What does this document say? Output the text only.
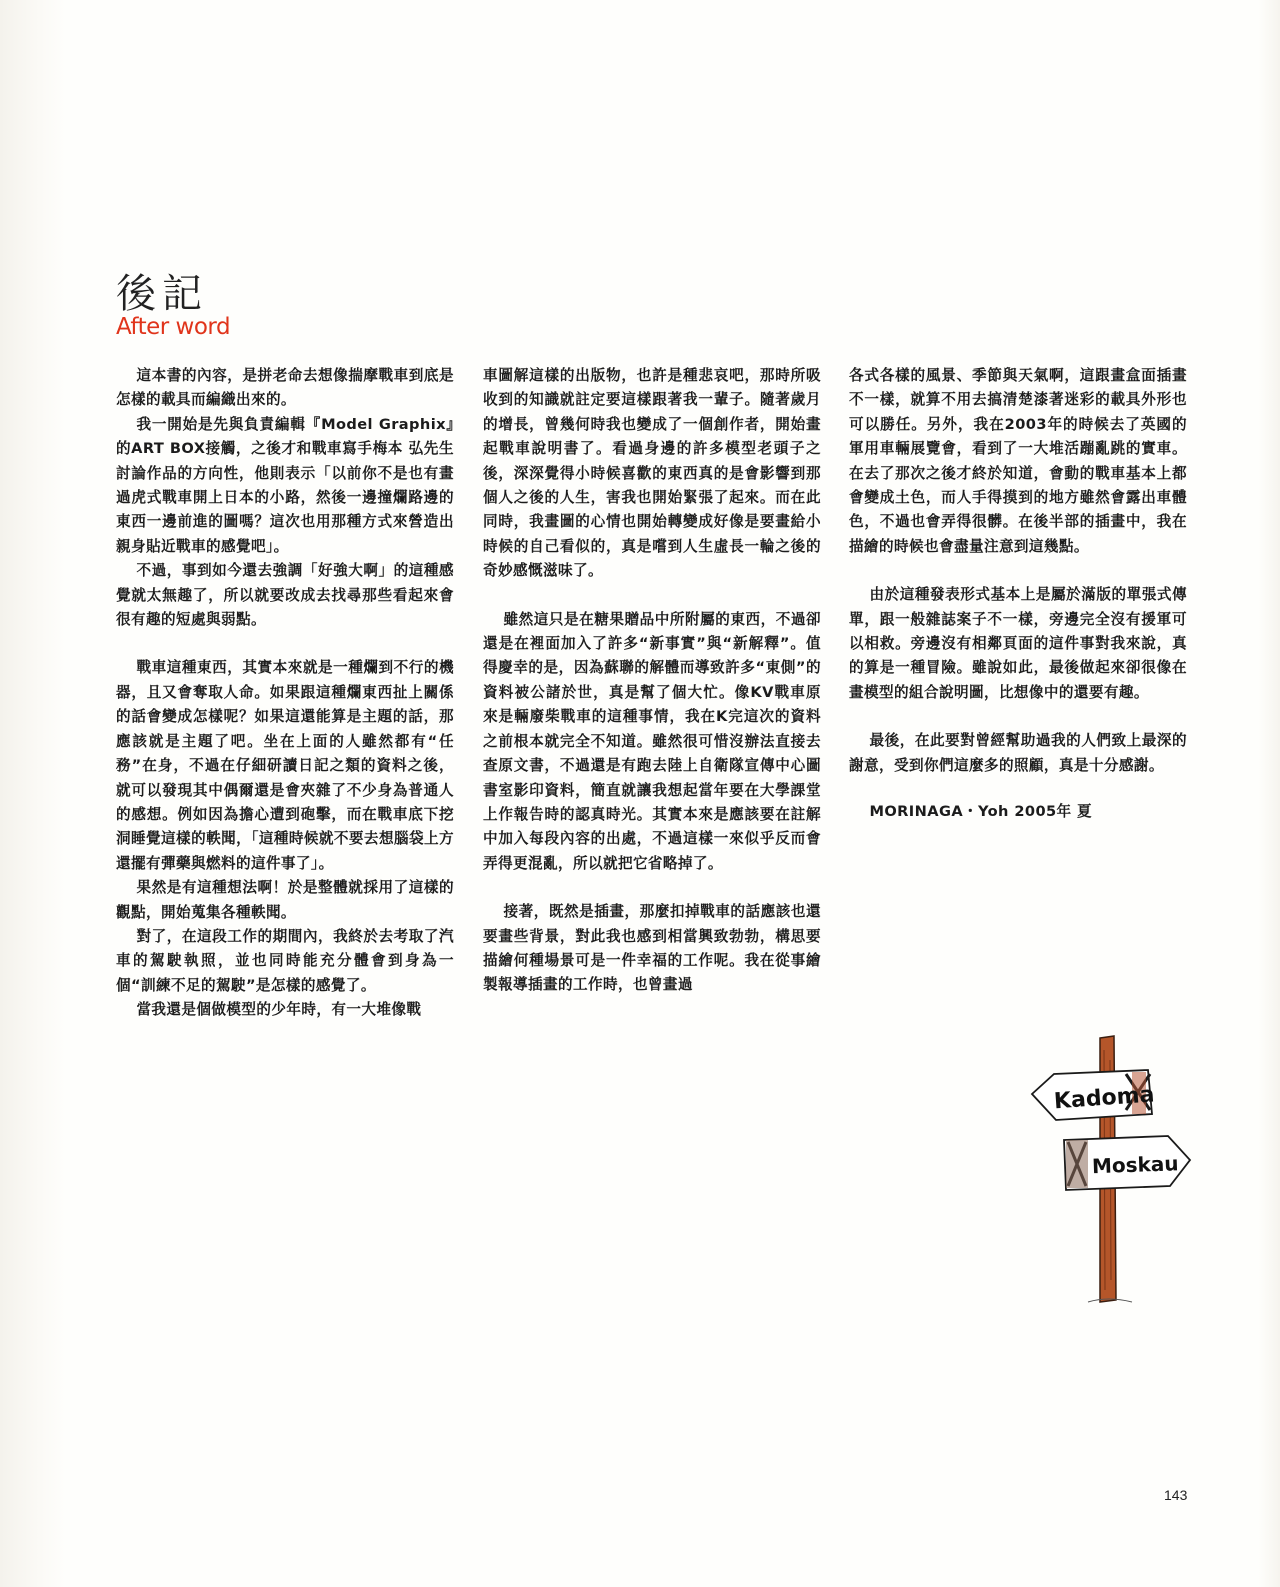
後記
After word

這本書的內容，是拼老命去想像揣摩戰車到底是怎樣的載具而編織出來的。

我一開始是先與負責編輯『Model Graphix』的ART BOX接觸，之後才和戰車寫手梅本 弘先生討論作品的方向性，他則表示「以前你不是也有畫過虎式戰車開上日本的小路，然後一邊撞爛路邊的東西一邊前進的圖嗎？這次也用那種方式來營造出親身貼近戰車的感覺吧」。

不過，事到如今還去強調「好強大啊」的這種感覺就太無趣了，所以就要改成去找尋那些看起來會很有趣的短處與弱點。

戰車這種東西，其實本來就是一種爛到不行的機器，且又會奪取人命。如果跟這種爛東西扯上關係的話會變成怎樣呢？如果這還能算是主題的話，那應該就是主題了吧。坐在上面的人雖然都有“任務”在身，不過在仔細研讀日記之類的資料之後，就可以發現其中偶爾還是會夾雜了不少身為普通人的感想。例如因為擔心遭到砲擊，而在戰車底下挖洞睡覺這樣的軼聞，「這種時候就不要去想腦袋上方還擺有彈藥與燃料的這件事了」。

果然是有這種想法啊！於是整體就採用了這樣的觀點，開始蒐集各種軼聞。

對了，在這段工作的期間內，我終於去考取了汽車的駕駛執照，並也同時能充分體會到身為一個“訓練不足的駕駛”是怎樣的感覺了。

當我還是個做模型的少年時，有一大堆像戰

車圖解這樣的出版物，也許是種悲哀吧，那時所吸收到的知識就註定要這樣跟著我一輩子。隨著歲月的增長，曾幾何時我也變成了一個創作者，開始畫起戰車說明書了。看過身邊的許多模型老頭子之後，深深覺得小時候喜歡的東西真的是會影響到那個人之後的人生，害我也開始緊張了起來。而在此同時，我畫圖的心情也開始轉變成好像是要畫給小時候的自己看似的，真是嚐到人生虛長一輪之後的奇妙感慨滋味了。

雖然這只是在糖果贈品中所附屬的東西，不過卻還是在裡面加入了許多“新事實”與“新解釋”。值得慶幸的是，因為蘇聯的解體而導致許多“東側”的資料被公諸於世，真是幫了個大忙。像KV戰車原來是輛廢柴戰車的這種事情，我在K完這次的資料之前根本就完全不知道。雖然很可惜沒辦法直接去查原文書，不過還是有跑去陸上自衛隊宣傳中心圖書室影印資料，簡直就讓我想起當年要在大學課堂上作報告時的認真時光。其實本來是應該要在註解中加入每段內容的出處，不過這樣一來似乎反而會弄得更混亂，所以就把它省略掉了。

接著，既然是插畫，那麼扣掉戰車的話應該也還要畫些背景，對此我也感到相當興致勃勃，構思要描繪何種場景可是一件幸福的工作呢。我在從事繪製報導插畫的工作時，也曾畫過

各式各樣的風景、季節與天氣啊，這跟畫盒面插畫不一樣，就算不用去搞清楚漆著迷彩的載具外形也可以勝任。另外，我在2003年的時候去了英國的軍用車輛展覽會，看到了一大堆活蹦亂跳的實車。在去了那次之後才終於知道，會動的戰車基本上都會變成土色，而人手得摸到的地方雖然會露出車體色，不過也會弄得很髒。在後半部的插畫中，我在描繪的時候也會盡量注意到這幾點。

由於這種發表形式基本上是屬於滿版的單張式傳單，跟一般雜誌案子不一樣，旁邊完全沒有援軍可以相救。旁邊沒有相鄰頁面的這件事對我來說，真的算是一種冒險。雖說如此，最後做起來卻很像在畫模型的組合說明圖，比想像中的還要有趣。

最後，在此要對曾經幫助過我的人們致上最深的謝意，受到你們這麼多的照顧，真是十分感謝。

MORINAGA・Yoh 2005年 夏

Kadoma
Moskau
143
